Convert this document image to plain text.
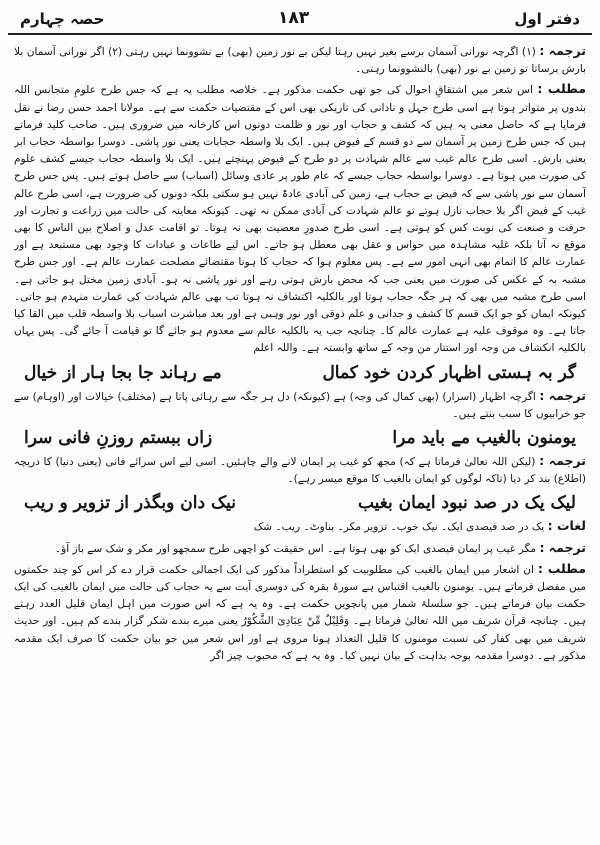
دفتر اول
۱۸۳
حصہ چہارم

ترجمہ : (۱) اگرچہ نورانی آسمان برسے بغیر نہیں رہتا لیکن بے نور زمین (بھی) بے نشوونما نہیں رہتی (۲) اگر نورانی آسمان بلا بارش برساتا تو زمین بے نور (بھی) بالنشوونما رہتی۔

مطلب : اس شعر میں اشتقاقِ احوال کی جو تھی حکمت مذکور ہے۔ خلاصہ مطلب یہ ہے کہ جس طرح علومِ متجانس اللہ بندوں پر متواتر ہوتا ہے اسی طرح جہل و نادانی کی تاریکی بھی اس کے مقتضیات حکمت سے ہے۔ مولانا احمد حسن رضا نے نقل فرمایا ہے کہ حاصل معنی یہ ہیں کہ کشف و حجاب اور نور و ظلمت دونوں اس کارخانہ میں ضروری ہیں۔ صاحب کلید فرماتے ہیں کہ جس طرح زمین پر آسمان سے دو قسم کے فیوض ہیں۔ ایک بلا واسطہ حجابات یعنی نور پاشی۔ دوسرا بواسطہ حجاب ابر یعنی بارش۔ اسی طرح عالم غیب سے عالم شہادت پر دو طرح کے فیوض پہنچتے ہیں۔ ایک بلا واسطہ حجاب جیسے کشف علوم کی صورت میں ہوتا ہے۔ دوسرا بواسطہ حجاب جیسے کہ عام طور پر عادی وسائل (اسباب) سے حاصل ہوتے ہیں۔ پس جس طرح آسمان سے نور پاشی سے کہ فیض بے حجاب ہے، زمین کی آبادی عادۃً نہیں ہو سکتی بلکہ دونوں کی ضرورت ہے، اسی طرح عالم غیب کے فیض اگر بلا حجاب نازل ہوتے تو عالم شہادت کی آبادی ممکن نہ تھی۔ کیونکہ معاینہ کی حالت میں زراعت و تجارت اور حرفت و صنعت کی نوبت کس کو ہوتی ہے۔ اسی طرح صدورِ معصیت بھی نہ ہوتا۔ تو اقامت عدل و اصلاح بین الناس کا بھی موقع نہ آتا بلکہ غلبہ مشاہدہ میں حواس و عقل بھی معطل ہو جاتے۔ اس لیے طاعات و عبادات کا وجود بھی مستبعد ہے اور عمارت عالم کا اتمام بھی انہی امور سے ہے۔ پس معلوم ہوا کہ حجاب کا ہونا مقتضائے مصلحت عمارت عالم ہے۔ اور جس طرح مشبہ بہ کے عکس کی صورت میں یعنی جب کہ محض بارش ہوتی رہے اور نور پاشی نہ ہو۔ آبادی زمین مختل ہو جاتی ہے۔ اسی طرح مشبہ میں بھی کہ ہر جگہ حجاب ہوتا اور بالکلیہ اکتشاف نہ ہوتا تب بھی عالم شہادت کی عمارت منہدم ہو جاتی۔ کیونکہ ایمان کو جو ایک قسم کا کشف و جدانی و علم ذوقی اور نور وہبی ہے اور بعد مباشرت اسباب بلا واسطہ قلب میں القا کیا جاتا ہے۔ وہ موقوف علیہ ہے عمارت عالم کا۔ چنانچہ جب یہ بالکلیہ عالم سے معدوم ہو جائے گا تو قیامت آ جائے گی۔ پس یہاں بالکلیہ انکشاف من وجہ اور استتار من وجہ کے ساتھ وابستہ ہے۔ واللہ اعلم

گر بہ ہستی اظہار کردن خود کمال
مے رہاند جا بجا ہار از خیال

ترجمہ : اگرچہ اظہار (اسرار) (بھی کمال کی وجہ) ہے (کیونکہ) دل ہر جگہ سے رہائی پاتا ہے (مختلف) خیالات اور (اوہام) سے جو خرابیوں کا سبب بنتے ہیں۔

یومنون بالغیب مے باید مرا
زاں ببستم روزنِ فانی سرا

ترجمہ : (لیکن اللہ تعالیٰ فرماتا ہے کہ) مجھ کو غیب پر ایمان لانے والے چاہئیں۔ اسی لیے اس سرائے فانی (یعنی دنیا) کا دریچہ (اطلاع) بند کر دیا (تاکہ لوگوں کو ایمان بالغیب کا موقع میسر رہے)۔

لیک یک در صد نبود ایمان بغیب
نیک دان وبگذر از تزویر و ریب

لغات : یک در صد فیصدی ایک۔ نیک خوب۔ تزویر مکر۔ بناوٹ۔ ریب۔ شک

ترجمہ : مگر غیب پر ایمان فیصدی ایک کو بھی ہوتا ہے۔ اس حقیقت کو اچھی طرح سمجھو اور مکر و شک سے باز آؤ۔

مطلب : ان اشعار میں ایمان بالغیب کی مطلوبیت کو استطراداً مذکور کی ایک اجمالی حکمت قرار دے کر اس کو چند حکمتوں میں مفصل فرماتے ہیں۔ یومنون بالغیب اقتباس ہے سورۂ بقرہ کی دوسری آیت سے یہ حجاب کی حالت میں ایمان بالغیب کی ایک حکمت بیان فرماتے ہیں۔ جو سلسلۂ شمار میں پانچویں حکمت ہے۔ وہ یہ ہے کہ اس صورت میں اہل ایمان قلیل العدد رہتے ہیں۔ چنانچہ قرآن شریف میں اللہ تعالیٰ فرماتا ہے۔ وَقَلِیْلٌ مِّنْ عِبَادِیَ الشَّکُوْرُ یعنی میرے بندے شکر گزار بندے کم ہیں۔ اور حدیث شریف میں بھی کفار کی نسبت مومنوں کا قلیل التعداد ہونا مروی ہے اور اس شعر میں جو بیان حکمت کا صرف ایک مقدمہ مذکور ہے۔ دوسرا مقدمہ بوجہ بداہت کے بیان نہیں کیا۔ وہ یہ ہے کہ محبوب چیز اگر
